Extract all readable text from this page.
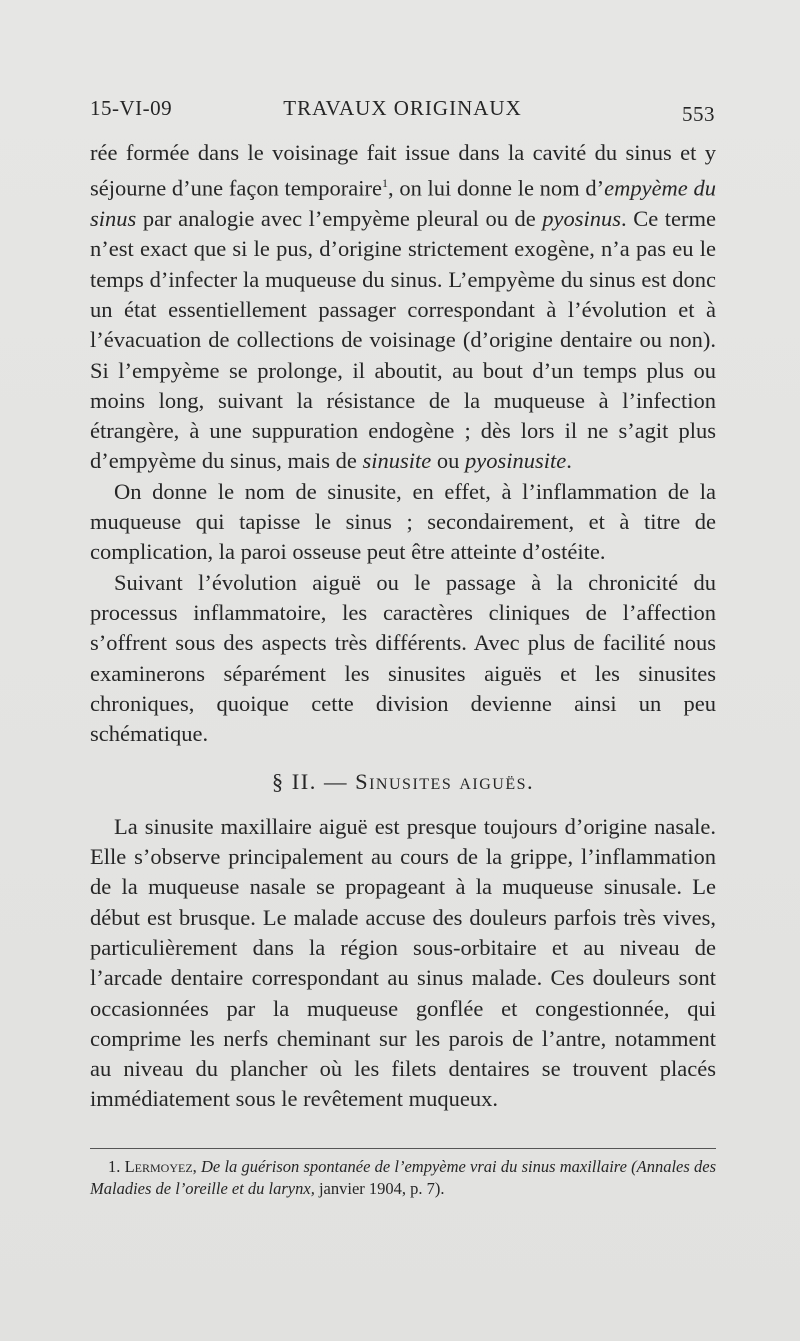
15-VI-09	TRAVAUX ORIGINAUX	553

rée formée dans le voisinage fait issue dans la cavité du sinus et y séjourne d’une façon temporaire$^1$, on lui donne le nom d’empyème du sinus par analogie avec l’empyème pleural ou de pyosinus. Ce terme n’est exact que si le pus, d’origine strictement exogène, n’a pas eu le temps d’infecter la muqueuse du sinus. L’empyème du sinus est donc un état essentiellement passager correspondant à l’évolution et à l’évacuation de collections de voisinage (d’origine dentaire ou non). Si l’empyème se prolonge, il aboutit, au bout d’un temps plus ou moins long, suivant la résistance de la muqueuse à l’infection étrangère, à une suppuration endogène ; dès lors il ne s’agit plus d’empyème du sinus, mais de sinusite ou pyosinusite.

On donne le nom de sinusite, en effet, à l’inflammation de la muqueuse qui tapisse le sinus ; secondairement, et à titre de complication, la paroi osseuse peut être atteinte d’ostéite.

Suivant l’évolution aiguë ou le passage à la chronicité du processus inflammatoire, les caractères cliniques de l’affection s’offrent sous des aspects très différents. Avec plus de facilité nous examinerons séparément les sinusites aiguës et les sinusites chroniques, quoique cette division devienne ainsi un peu schématique.

§ II. — Sinusites aiguës.

La sinusite maxillaire aiguë est presque toujours d’origine nasale. Elle s’observe principalement au cours de la grippe, l’inflammation de la muqueuse nasale se propageant à la muqueuse sinusale. Le début est brusque. Le malade accuse des douleurs parfois très vives, particulièrement dans la région sous-orbitaire et au niveau de l’arcade dentaire correspondant au sinus malade. Ces douleurs sont occasionnées par la muqueuse gonflée et congestionnée, qui comprime les nerfs cheminant sur les parois de l’antre, notamment au niveau du plancher où les filets dentaires se trouvent placés immédiatement sous le revêtement muqueux.

1. Lermoyez, De la guérison spontanée de l’empyème vrai du sinus maxillaire (Annales des Maladies de l’oreille et du larynx, janvier 1904, p. 7).
